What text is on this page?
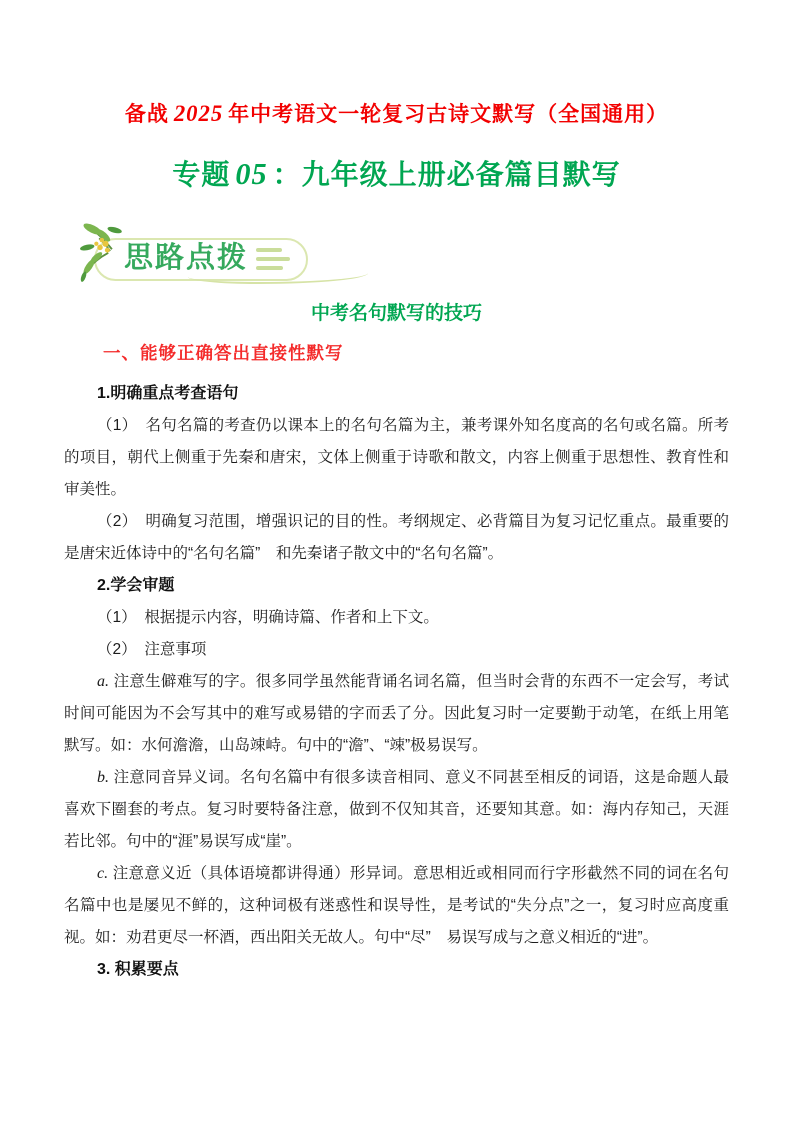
备战 2025 年中考语文一轮复习古诗文默写（全国通用）
专题 05 ：九年级上册必备篇目默写
思路点拨
中考名句默写的技巧
一、能够正确答出直接性默写

1.明确重点考查语句

（1）　名句名篇的考查仍以课本上的名句名篇为主，兼考课外知名度高的名句或名篇。所考的项目，朝代上侧重于先秦和唐宋，文体上侧重于诗歌和散文，内容上侧重于思想性、教育性和审美性。

（2）　明确复习范围，增强识记的目的性。考纲规定、必背篇目为复习记忆重点。最重要的是唐宋近体诗中的“名句名篇”　和先秦诸子散文中的“名句名篇”。

2.学会审题

（1）　根据提示内容，明确诗篇、作者和上下文。

（2）　注意事项

a. 注意生僻难写的字。很多同学虽然能背诵名词名篇，但当时会背的东西不一定会写，考试时间可能因为不会写其中的难写或易错的字而丢了分。因此复习时一定要勤于动笔，在纸上用笔默写。如：水何澹澹，山岛竦峙。句中的“澹”、“竦”极易误写。

b. 注意同音异义词。名句名篇中有很多读音相同、意义不同甚至相反的词语，这是命题人最喜欢下圈套的考点。复习时要特备注意，做到不仅知其音，还要知其意。如：海内存知己，天涯若比邻。句中的“涯”易误写成“崖”。

c. 注意意义近（具体语境都讲得通）形异词。意思相近或相同而行字形截然不同的词在名句名篇中也是屡见不鲜的，这种词极有迷惑性和误导性，是考试的“失分点”之一，复习时应高度重视。如：劝君更尽一杯酒，西出阳关无故人。句中“尽”　易误写成与之意义相近的“进”。

3. 积累要点
